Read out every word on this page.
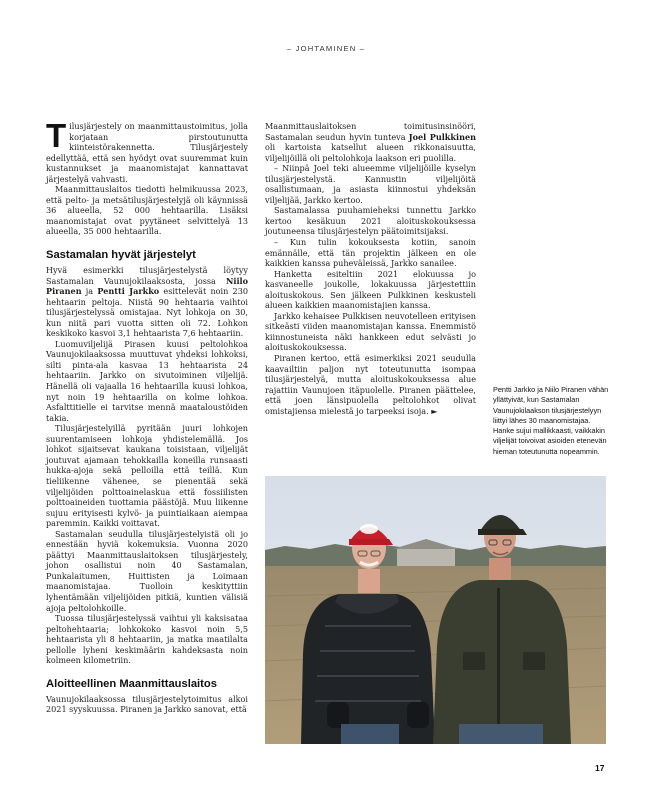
– JOHTAMINEN –

Tilusjärjestely on maanmittaustoimitus, jolla korjataan pirstoutunutta kiinteistörakennetta. Tilusjärjestely edellyttää, että sen hyödyt ovat suuremmat kuin kustannukset ja maanomistajat kannattavat järjestelyä vahvasti.

Maanmittauslaitos tiedotti helmikuussa 2023, että pelto- ja metsätilusjärjestelyjä oli käynnissä 36 alueella, 52 000 hehtaarilla. Lisäksi maanomistajat ovat pyytäneet selvittelyä 13 alueella, 35 000 hehtaarilla.

Sastamalan hyvät järjestelyt

Hyvä esimerkki tilusjärjestelystä löytyy Sastamalan Vaunujokilaaksosta, jossa Niilo Piranen ja Pentti Jarkko esittelevät noin 230 hehtaarin peltoja. Niistä 90 hehtaaria vaihtoi tilusjärjestelyssä omistajaa. Nyt lohkoja on 30, kun niitä pari vuotta sitten oli 72. Lohkon keskikoko kasvoi 3,1 hehtaarista 7,6 hehtaariin.

Luomuviljelijä Pirasen kuusi peltolohkoa Vaunujokilaaksossa muuttuvat yhdeksi lohkoksi, silti pinta-ala kasvaa 13 hehtaarista 24 hehtaariin. Jarkko on sivutoiminen viljelijä. Hänellä oli vajaalla 16 hehtaarilla kuusi lohkoa, nyt noin 19 hehtaarilla on kolme lohkoa. Asfalttitielle ei tarvitse mennä maataloustöiden takia.

Tilusjärjestelyillä pyritään juuri lohkojen suurentamiseen lohkoja yhdistelemällä. Jos lohkot sijaitsevat kaukana toisistaan, viljelijät joutuvat ajamaan tehokkailla koneilla runsaasti hukka-ajoja sekä pelloilla että teillä. Kun tieliikenne vähenee, se pienentää sekä viljelijöiden polttoainelaskua että fossiilisten polttoaineiden tuottamia päästöjä. Muu liikenne sujuu erityisesti kylvö- ja puintiaikaan aiempaa paremmin. Kaikki voittavat.

Sastamalan seudulla tilusjärjestelyistä oli jo ennestään hyviä kokemuksia. Vuonna 2020 päättyi Maanmittauslaitoksen tilusjärjestely, johon osallistui noin 40 Sastamalan, Punkalaitumen, Huittisten ja Loimaan maanomistajaa. Tuolloin keskityttiin lyhentämään viljelijöiden pitkiä, kuntien välisiä ajoja peltolohkoille.

Tuossa tilusjärjestelyssä vaihtui yli kaksisataa peltohehtaaria; lohkokoko kasvoi noin 5,5 hehtaarista yli 8 hehtaariin, ja matka maatilalta pellolle lyheni keskimäärin kahdeksasta noin kolmeen kilometriin.

Aloitteellinen Maanmittauslaitos

Vaunujokilaaksossa tilusjärjestelytoimitus alkoi 2021 syyskuussa. Piranen ja Jarkko sanovat, että

Maanmittauslaitoksen toimitusinsinööri, Sastamalan seudun hyvin tunteva Joel Pulkkinen oli kartoista katsellut alueen rikkonaisuutta, viljelijöillä oli peltolohkoja laakson eri puolilla.

– Niinpä Joel teki alueemme viljelijöille kyselyn tilusjärjestelystä. Kannustin viljelijöitä osallistumaan, ja asiasta kiinnostui yhdeksän viljelijää, Jarkko kertoo.

Sastamalassa puuhamieheksi tunnettu Jarkko kertoo kesäkuun 2021 aloituskokouksessa joutuneensa tilusjärjestelyn päätoimitsijaksi.

– Kun tulin kokouksesta kotiin, sanoin emännälle, että tän projektin jälkeen en ole kaikkien kanssa puheväleissä, Jarkko sanailee.

Hanketta esiteltiin 2021 elokuussa jo kasvaneelle joukolle, lokakuussa järjestettiin aloituskokous. Sen jälkeen Pulkkinen keskusteli alueen kaikkien maanomistajien kanssa.

Jarkko kehaisee Pulkkisen neuvotelleen erityisen sitkeästi viiden maanomistajan kanssa. Enemmistö kiinnostuneista näki hankkeen edut selvästi jo aloituskokouksessa.

Piranen kertoo, että esimerkiksi 2021 seudulla kaavailtiin paljon nyt toteutunutta isompaa tilusjärjestelyä, mutta aloituskokouksessa alue rajattiin Vaunujoen itäpuolelle. Piranen päättelee, että joen länsipuolella peltolohkot olivat omistajiensa mielestä jo tarpeeksi isoja. ►

Pentti Jarkko ja Niilo Piranen vähän yllättyivät, kun Sastamalan Vaunujokilaakson tilusjärjestelyyn liittyi lähes 30 maanomistajaa. Hanke sujui mallikkaasti, vaikkakin viljelijät toivoivat asioiden etenevän hieman toteutunutta nopeammin.
17
